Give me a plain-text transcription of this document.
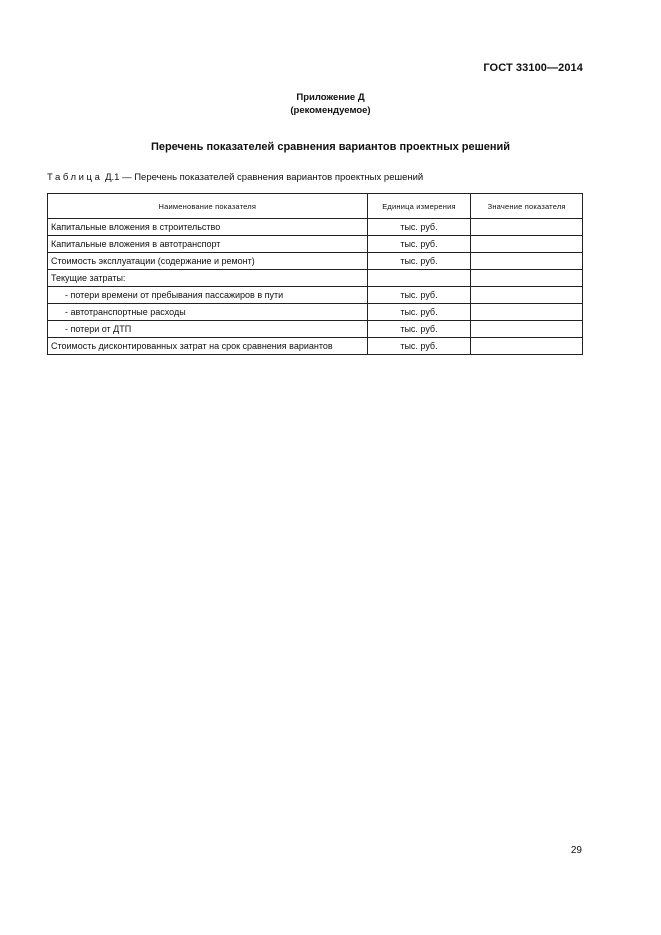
ГОСТ 33100—2014
Приложение Д
(рекомендуемое)
Перечень показателей сравнения вариантов проектных решений
Таблица Д.1 — Перечень показателей сравнения вариантов проектных решений
Наименование показателя	Единица измерения	Значение показателя
Капитальные вложения в строительство	тыс. руб.	
Капитальные вложения в автотранспорт	тыс. руб.	
Стоимость эксплуатации (содержание и ремонт)	тыс. руб.	
Текущие затраты:		
- потери времени от пребывания пассажиров в пути	тыс. руб.	
- автотранспортные расходы	тыс. руб.	
- потери от ДТП	тыс. руб.	
Стоимость дисконтированных затрат на срок сравнения вариантов	тыс. руб.	
29
